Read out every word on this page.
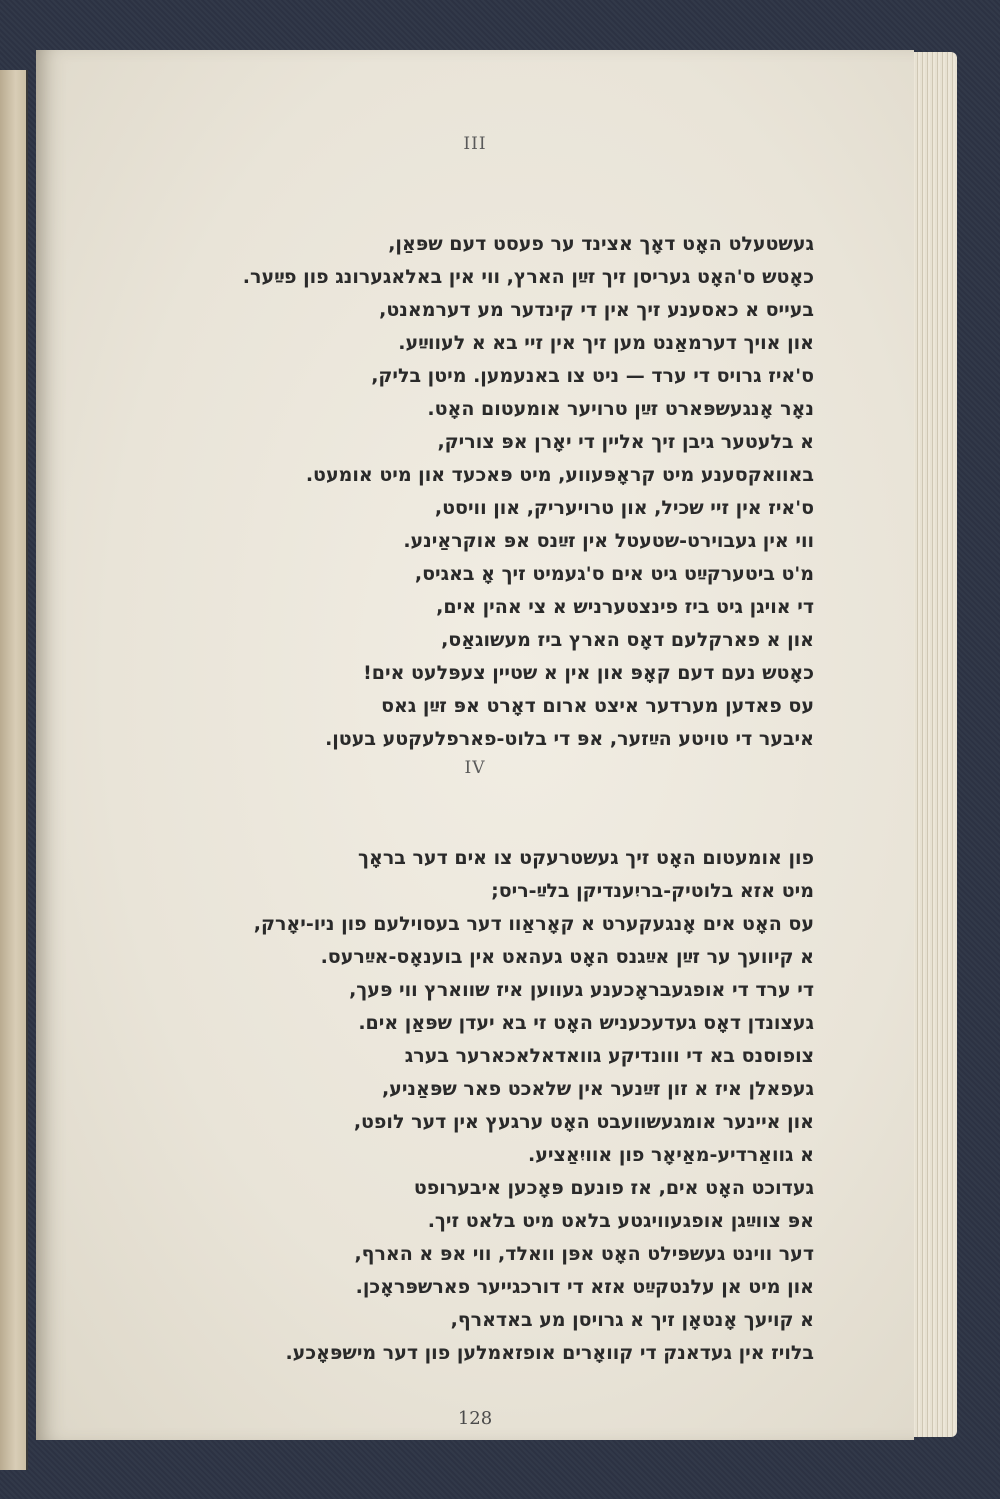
III
געשטעלט האָט דאָך אצינד ער פעסט דעם שפּאַן,
כאָטש ס'האָט געריסן זיך זײַן הארץ, ווי אין באלאגערונג פון פײַער.
בעייס א כאסענע זיך אין די קינדער מע דערמאנט,
און אויך דערמאַנט מען זיך אין זיי בא א לעווײַע.
ס'איז גרויס די ערד — ניט צו באנעמען. מיטן בליק,
נאָר אָנגעשפּארט זײַן טרויער אומעטום האָט.
א בלעטער גיבן זיך אליין די יאָרן אפּ צוריק,
באוואקסענע מיט קראָפּעווע, מיט פּאכעד און מיט אומעט.
ס'איז אין זיי שכיל, און טרויעריק, און וויסט,
ווי אין געבוירט-שטעטל אין זײַנס אפּ אוקראַינע.
מ'ט ביטערקײַט גיט אים ס'געמיט זיך אָ באגיס,
די אויגן גיט ביז פינצטערניש א צי אהין אים,
און א פארקלעם דאָס הארץ ביז מעשוגאַס,
כאָטש נעם דעם קאָפּ און אין א שטיין צעפּלעט אים!
עס פאדען מערדער איצט ארום דאָרט אפּ זײַן גאס
איבער די טויטע הײַזער, אפּ די בלוט-פארפלעקטע בעטן.
IV
פון אומעטום האָט זיך געשטרעקט צו אים דער בראָך
מיט אזא בלוטיק-בריִענדיקן בלײַ-ריס;
עס האָט אים אָנגעקערט א קאָראַוו דער בעסוילעם פון ניו-יאָרק,
א קיוועך ער זײַן אײַגנס האָט געהאט אין בוענאָס-אײַרעס.
די ערד די אופגעבראָכענע געווען איז שווארץ ווי פּעך,
געצונדן דאָס געדעכעניש האָט זי בא יעדן שפּאַן אים.
צופוסנס בא די ווונדיקע גוואדאלאכארער בערג
געפאלן איז א זון זײַנער אין שלאכט פאר שפּאַניע,
און איינער אומגעשוועבט האָט ערגעץ אין דער לופט,
א גוואַרדיע-מאַיאָר פון אוויִאַציע.
געדוכט האָט אים, אז פונעם פּאָכען איבערופט
אפּ צווײַגן אופגעוויגטע בלאט מיט בלאט זיך.
דער ווינט געשפּילט האָט אפּן וואלד, ווי אפּ א הארף,
און מיט אן עלנטקײַט אזא די דורכגייער פארשפּראָכן.
א קויעך אָנטאָן זיך א גרויסן מע באדארף,
בלויז אין געדאנק די קוואָרים אופזאמלען פון דער מישפּאָכע.
128
